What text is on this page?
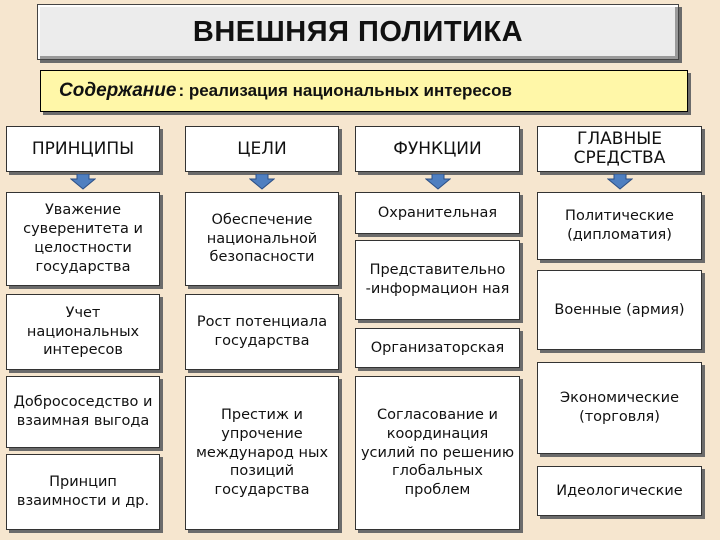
ВНЕШНЯЯ ПОЛИТИКА
Содержание : реализация национальных интересов
ПРИНЦИПЫ	ЦЕЛИ	ФУНКЦИИ	ГЛАВНЫЕ СРЕДСТВА
Уважение суверенитета и целостности государства
Учет национальных интересов
Добрососедство и взаимная выгода
Принцип взаимности и др.
Обеспечение национальной безопасности
Рост потенциала государства
Престиж и упрочение международ ных позиций государства
Охранительная
Представительно -информацион ная
Организаторская
Согласование и координация усилий по решению глобальных проблем
Политические (дипломатия)
Военные (армия)
Экономические (торговля)
Идеологические
